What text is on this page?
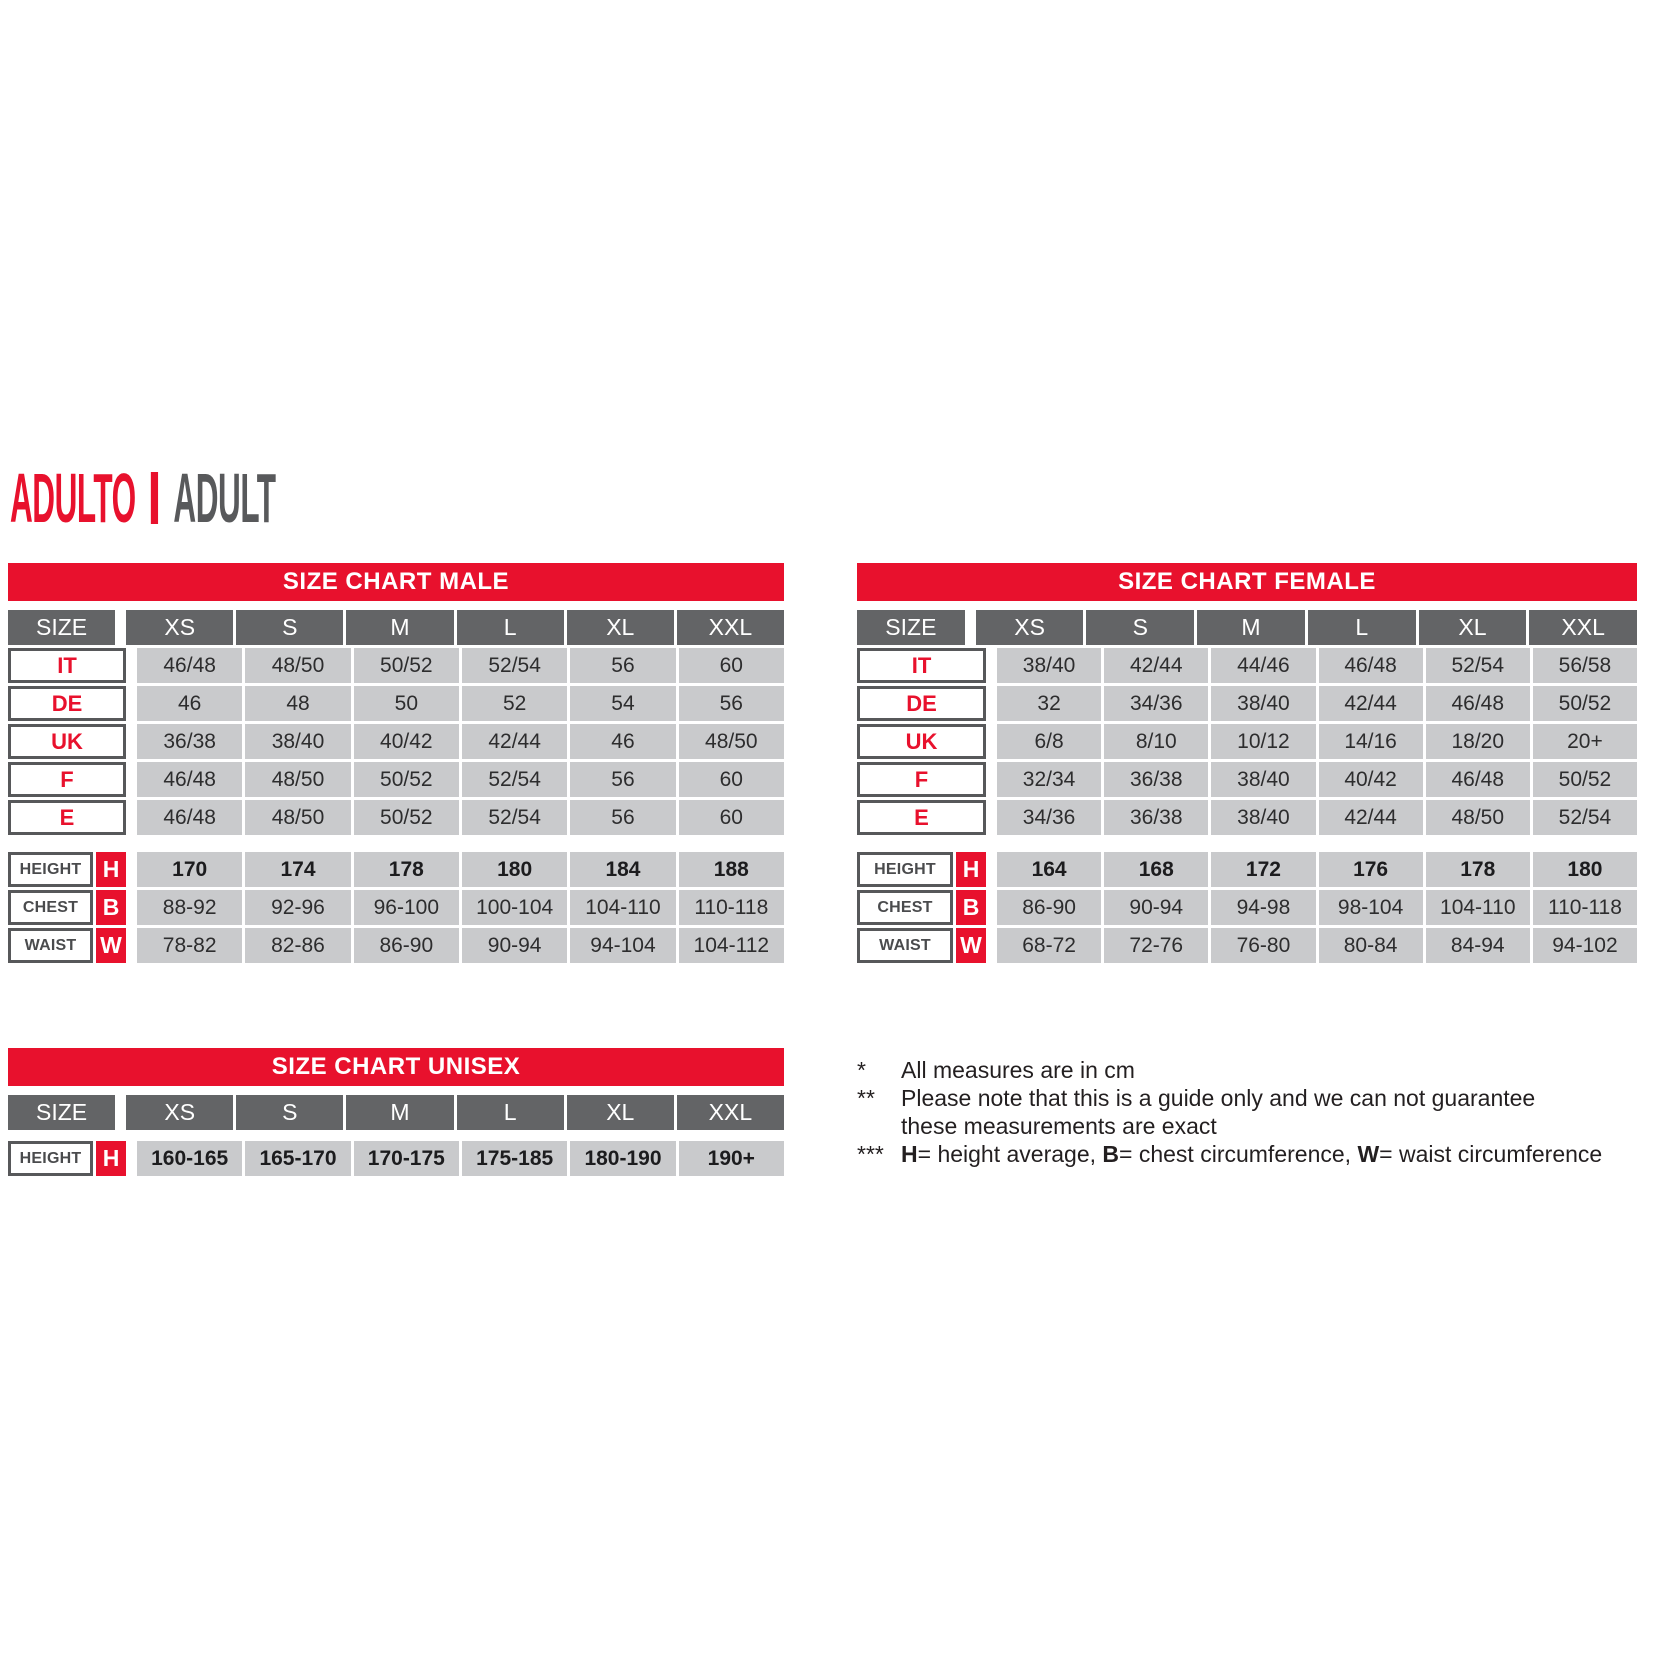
ADULTO ADULT
SIZE CHART MALE
SIZE	XS	S	M	L	XL	XXL
IT	46/48	48/50	50/52	52/54	56	60
DE	46	48	50	52	54	56
UK	36/38	38/40	40/42	42/44	46	48/50
F	46/48	48/50	50/52	52/54	56	60
E	46/48	48/50	50/52	52/54	56	60
HEIGHT H	170	174	178	180	184	188
CHEST	B	88-92	92-96	96-100	100-104	104-110	110-118
WAIST	W	78-82	82-86	86-90	90-94	94-104	104-112
SIZE CHART FEMALE
SIZE	XS	S	M	L	XL	XXL
IT	38/40	42/44	44/46	46/48	52/54	56/58
DE	32	34/36	38/40	42/44	46/48	50/52
UK	6/8	8/10	10/12	14/16	18/20	20+
F	32/34	36/38	38/40	40/42	46/48	50/52
E	34/36	36/38	38/40	42/44	48/50	52/54
HEIGHT	H	164	168	172	176	178	180
CHEST	B	86-90	90-94	94-98	98-104	104-110	110-118
WAIST	W	68-72	72-76	76-80	80-84	84-94	94-102
SIZE CHART UNISEX
SIZE	XS	S	M	L	XL	XXL
HEIGHT H	160-165	165-170	170-175	175-185	180-190	190+
*	All measures are in cm
**	Please note that this is a guide only and we can not guarantee
these measurements are exact
*** H= height average, B= chest circumference, W= waist circumference
